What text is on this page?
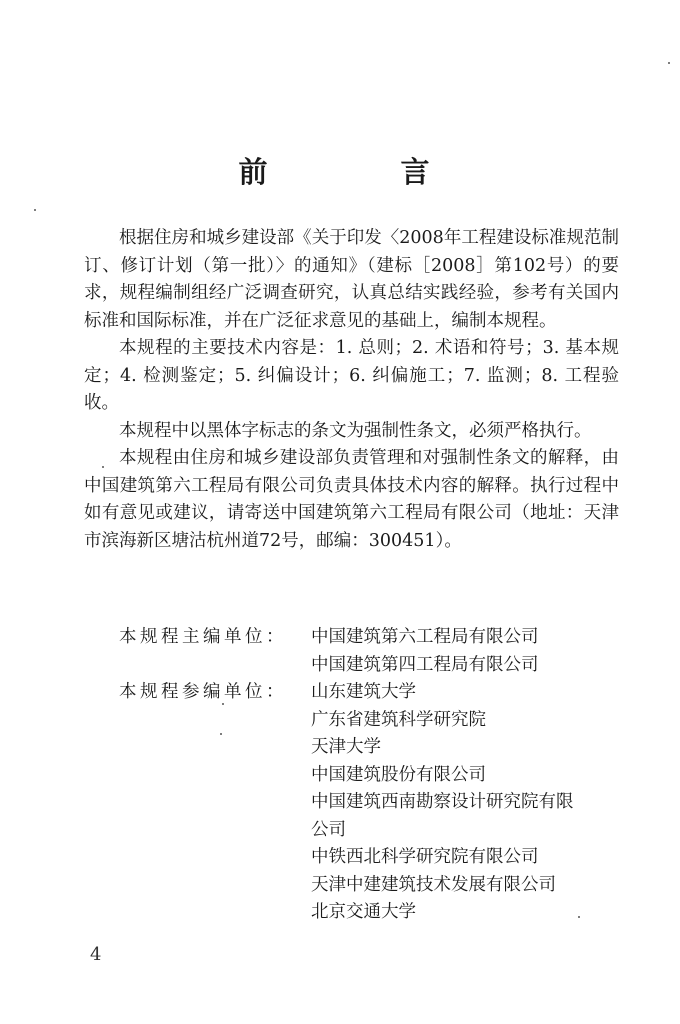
前　言

根据住房和城乡建设部《关于印发〈2008年工程建设标准规范制订、修订计划（第一批）〉的通知》（建标［2008］第102号）的要求，规程编制组经广泛调查研究，认真总结实践经验，参考有关国内标准和国际标准，并在广泛征求意见的基础上，编制本规程。

本规程的主要技术内容是：1. 总则；2. 术语和符号；3. 基本规定；4. 检测鉴定；5. 纠偏设计；6. 纠偏施工；7. 监测；8. 工程验收。

本规程中以黑体字标志的条文为强制性条文，必须严格执行。

本规程由住房和城乡建设部负责管理和对强制性条文的解释，由中国建筑第六工程局有限公司负责具体技术内容的解释。执行过程中如有意见或建议，请寄送中国建筑第六工程局有限公司（地址：天津市滨海新区塘沽杭州道72号，邮编：300451）。

本规程主编单位：	中国建筑第六工程局有限公司
中国建筑第四工程局有限公司
本规程参编单位：	山东建筑大学
广东省建筑科学研究院
天津大学
中国建筑股份有限公司
中国建筑西南勘察设计研究院有限
公司
中铁西北科学研究院有限公司
天津中建建筑技术发展有限公司
北京交通大学
4
